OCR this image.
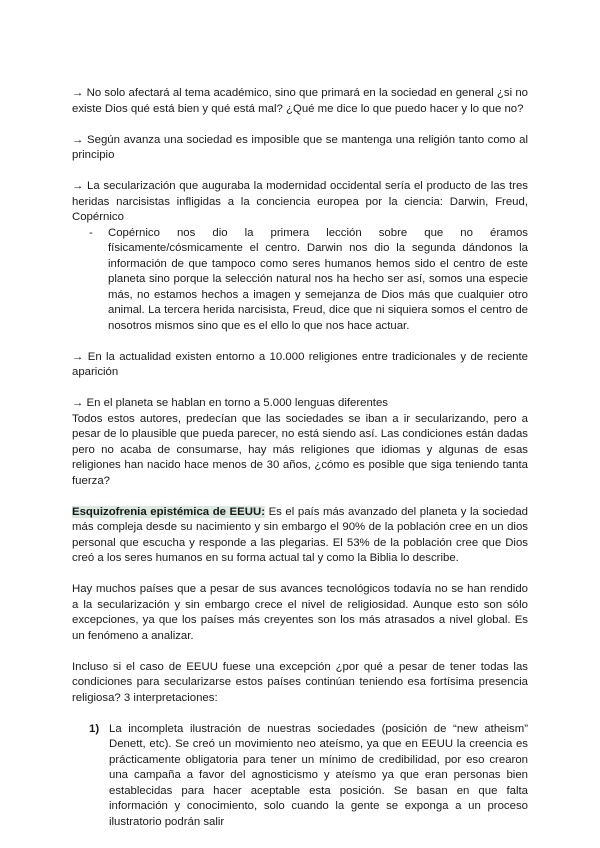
→ No solo afectará al tema académico, sino que primará en la sociedad en general ¿si no existe Dios qué está bien y qué está mal? ¿Qué me dice lo que puedo hacer y lo que no?

→ Según avanza una sociedad es imposible que se mantenga una religión tanto como al principio

→ La secularización que auguraba la modernidad occidental sería el producto de las tres heridas narcisistas infligidas a la conciencia europea por la ciencia: Darwin, Freud, Copérnico

-	Copérnico nos dio la primera lección sobre que no éramos físicamente/cósmicamente el centro. Darwin nos dio la segunda dándonos la información de que tampoco como seres humanos hemos sido el centro de este planeta sino porque la selección natural nos ha hecho ser así, somos una especie más, no estamos hechos a imagen y semejanza de Dios más que cualquier otro animal. La tercera herida narcisista, Freud, dice que ni siquiera somos el centro de nosotros mismos sino que es el ello lo que nos hace actuar.

→ En la actualidad existen entorno a 10.000 religiones entre tradicionales y de reciente aparición

→ En el planeta se hablan en torno a 5.000 lenguas diferentes

Todos estos autores, predecían que las sociedades se iban a ir secularizando, pero a pesar de lo plausible que pueda parecer, no está siendo así. Las condiciones están dadas pero no acaba de consumarse, hay más religiones que idiomas y algunas de esas religiones han nacido hace menos de 30 años, ¿cómo es posible que siga teniendo tanta fuerza?

Esquizofrenia epistémica de EEUU: Es el país más avanzado del planeta y la sociedad más compleja desde su nacimiento y sin embargo el 90% de la población cree en un dios personal que escucha y responde a las plegarias. El 53% de la población cree que Dios creó a los seres humanos en su forma actual tal y como la Biblia lo describe.

Hay muchos países que a pesar de sus avances tecnológicos todavía no se han rendido a la secularización y sin embargo crece el nivel de religiosidad. Aunque esto son sólo excepciones, ya que los países más creyentes son los más atrasados a nivel global. Es un fenómeno a analizar.

Incluso si el caso de EEUU fuese una excepción ¿por qué a pesar de tener todas las condiciones para secularizarse estos países continúan teniendo esa fortísima presencia religiosa? 3 interpretaciones:

1) La incompleta ilustración de nuestras sociedades (posición de “new atheism” Denett, etc). Se creó un movimiento neo ateísmo, ya que en EEUU la creencia es prácticamente obligatoria para tener un mínimo de credibilidad, por eso crearon una campaña a favor del agnosticismo y ateísmo ya que eran personas bien establecidas para hacer aceptable esta posición. Se basan en que falta información y conocimiento, solo cuando la gente se exponga a un proceso ilustratorio podrán salir
